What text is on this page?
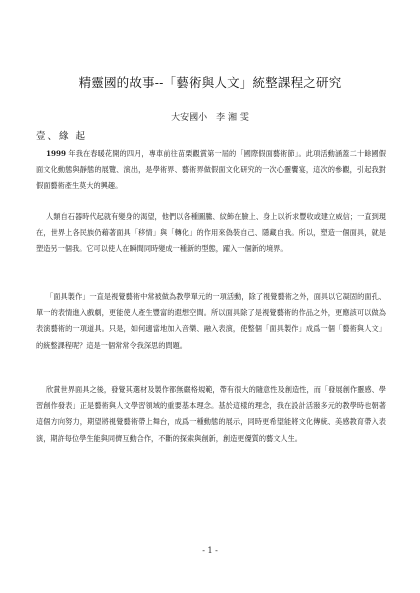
精靈國的故事--「藝術與人文」統整課程之研究
大安國小　李 湘 雯
壹、緣 起

1999 年我在春暖花開的四月，專車前往苗栗觀賞第一屆的「國際假面藝術節」。此項活動涵蓋二十餘國假面文化動態與靜態的展覽、演出，是學術界、藝術界做假面文化研究的一次心靈饗宴，這次的參觀，引起我對假面藝術產生莫大的興趣。

人類自石器時代起就有變身的渴望，他們以各種圖騰、紋飾在臉上、身上以祈求豐收或建立威信；一直到現在，世界上各民族仍藉著面具「移情」與「轉化」的作用來偽裝自己、隱藏自我。所以，塑造一個面具，就是塑造另一個我。它可以使人在瞬間同時變成一種新的型態，躍入一個新的境界。

「面具製作」一直是視覺藝術中常被做為教學單元的一項活動，除了視覺藝術之外，面具以它凝固的面孔、單一的表情進入戲劇，更能使人產生豐富的遐想空間。所以面具除了是視覺藝術的作品之外，更應該可以做為表演藝術的一項道具。只是，如何適當地加入音樂、融入表演，使整個「面具製作」成爲一個「藝術與人文」的統整課程呢？這是一個常常令我深思的問題。

欣賞世界面具之後，發覺其選材及製作都無嚴格規範，帶有很大的隨意性及創造性，而「發展創作靈感、學習創作發表」正是藝術與人文學習領域的重要基本理念。基於這樣的理念，我在設計活潑多元的教學時也朝著這個方向努力，期望將視覺藝術帶上舞台，成爲一種動態的展示，同時更希望能將文化傳統、美感教育帶入表演，期許每位學生能與同儕互動合作，不斷的探索與創新，創造更優質的藝文人生。

- 1 -
